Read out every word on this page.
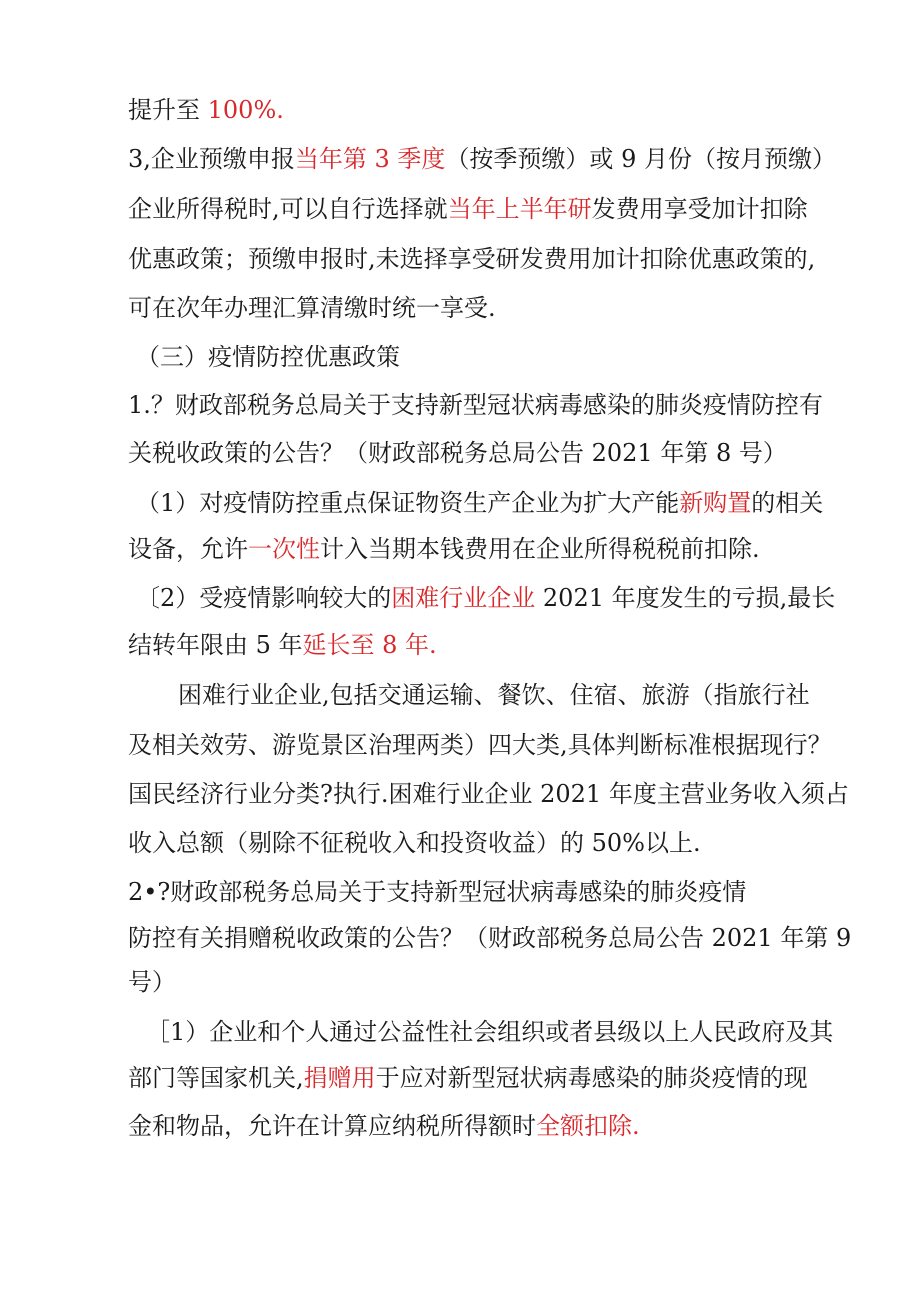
提升至 100%.
3,企业预缴申报当年第 3 季度（按季预缴）或 9 月份（按月预缴）
企业所得税时,可以自行选择就当年上半年研发费用享受加计扣除
优惠政策；预缴申报时,未选择享受研发费用加计扣除优惠政策的,
可在次年办理汇算清缴时统一享受.
（三）疫情防控优惠政策
1.？财政部税务总局关于支持新型冠状病毒感染的肺炎疫情防控有
关税收政策的公告？（财政部税务总局公告 2021 年第 8 号）
（1）对疫情防控重点保证物资生产企业为扩大产能新购置的相关
设备，允许一次性计入当期本钱费用在企业所得税税前扣除.
〔2）受疫情影响较大的困难行业企业 2021 年度发生的亏损,最长
结转年限由 5 年延长至 8 年.
困难行业企业,包括交通运输、餐饮、住宿、旅游（指旅行社
及相关效劳、游览景区治理两类）四大类,具体判断标准根据现行？
国民经济行业分类?执行.困难行业企业 2021 年度主营业务收入须占
收入总额（剔除不征税收入和投资收益）的 50%以上.
2•?财政部税务总局关于支持新型冠状病毒感染的肺炎疫情
防控有关捐赠税收政策的公告？（财政部税务总局公告 2021 年第 9
号）
［1）企业和个人通过公益性社会组织或者县级以上人民政府及其
部门等国家机关,捐赠用于应对新型冠状病毒感染的肺炎疫情的现
金和物品，允许在计算应纳税所得额时全额扣除.
